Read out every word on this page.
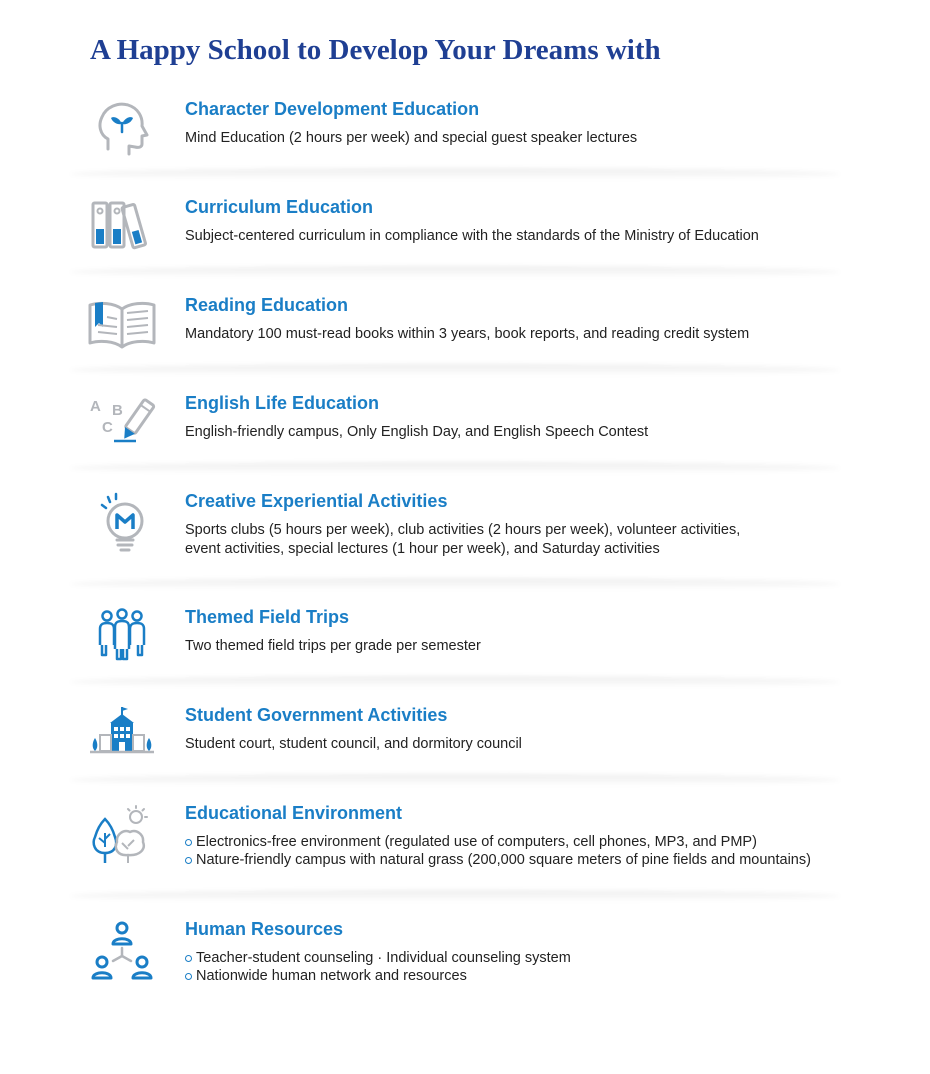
A Happy School to Develop Your Dreams with
Character Development Education

Mind Education (2 hours per week) and special guest speaker lectures

Curriculum Education

Subject-centered curriculum in compliance with the standards of the Ministry of Education

Reading Education

Mandatory 100 must-read books within 3 years, book reports, and reading credit system

A B
C
English Life Education

English-friendly campus, Only English Day, and English Speech Contest

Creative Experiential Activities

Sports clubs (5 hours per week), club activities (2 hours per week), volunteer activities,
event activities, special lectures (1 hour per week), and Saturday activities

Themed Field Trips

Two themed field trips per grade per semester

Student Government Activities

Student court, student council, and dormitory council

Educational Environment
Electronics-free environment (regulated use of computers, cell phones, MP3, and PMP)
Nature-friendly campus with natural grass (200,000 square meters of pine fields and mountains)
Human Resources
Teacher-student counseling · Individual counseling system
Nationwide human network and resources
